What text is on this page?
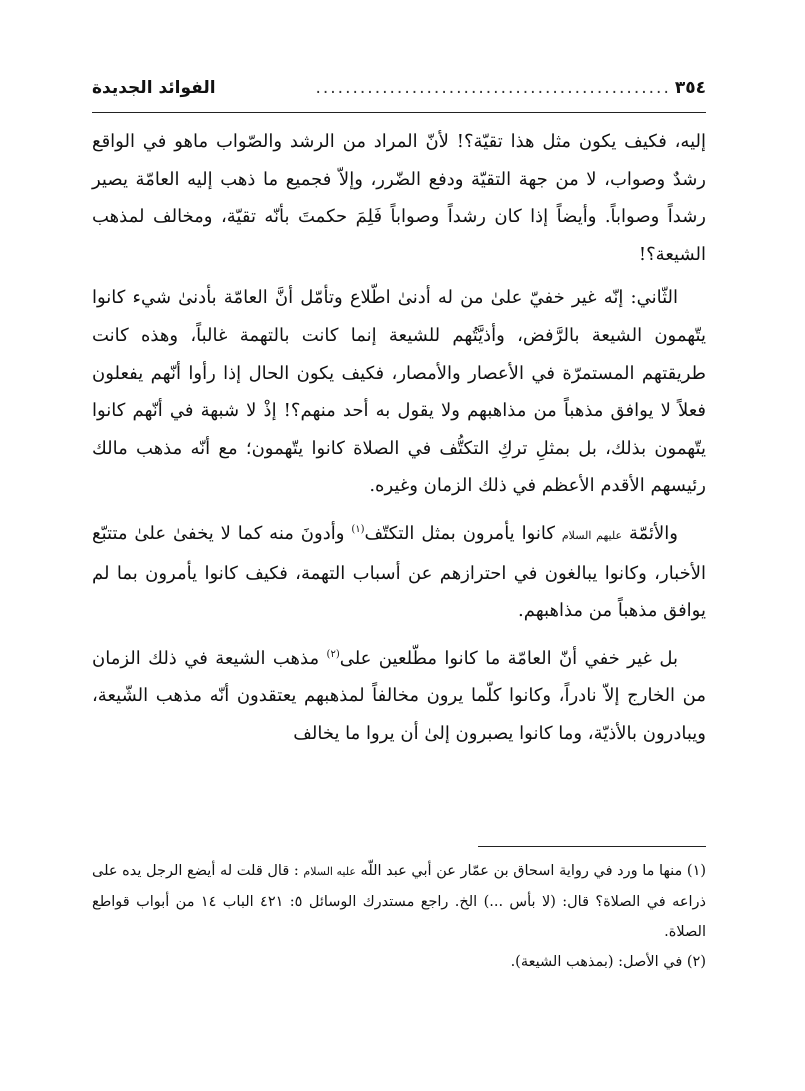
٣٥٤
................................................
الفوائد الجديدة

إليه، فكيف يكون مثل هذا تقيّة؟! لأنّ المراد من الرشد والصّواب ماهو في الواقع رشدٌ وصواب، لا من جهة التقيّة ودفع الضّرر، وإلاّ فجميع ما ذهب إليه العامّة يصير رشداً وصواباً. وأيضاً إذا كان رشداً وصواباً فَلِمَ حكمتَ بأنّه تقيّة، ومخالف لمذهب الشيعة؟!

الثّاني: إنّه غير خفيّ علىٰ من له أدنىٰ اطّلاع وتأمّل أنَّ العامّة بأدنىٰ شيء كانوا يتّهمون الشيعة بالرَّفض، وأذيَّتُهم للشيعة إنما كانت بالتهمة غالباً، وهذه كانت طريقتهم المستمرّة في الأعصار والأمصار، فكيف يكون الحال إذا رأوا أنّهم يفعلون فعلاً لا يوافق مذهباً من مذاهبهم ولا يقول به أحد منهم؟! إذْ لا شبهة في أنّهم كانوا يتّهمون بذلك، بل بمثلِ تركِ التكتُّف في الصلاة كانوا يتّهمون؛ مع أنّه مذهب مالك رئيسهم الأقدم الأعظم في ذلك الزمان وغيره.

والأئمّة عليهم السلام كانوا يأمرون بمثل التكتّف$^{(١)}$ وأدونَ منه كما لا يخفىٰ علىٰ متتبّع الأخبار، وكانوا يبالغون في احترازهم عن أسباب التهمة، فكيف كانوا يأمرون بما لم يوافق مذهباً من مذاهبهم.

بل غير خفي أنّ العامّة ما كانوا مطّلعين على$^{(٢)}$ مذهب الشيعة في ذلك الزمان من الخارج إلاّ نادراً، وكانوا كلّما يرون مخالفاً لمذهبهم يعتقدون أنّه مذهب الشّيعة، ويبادرون بالأذيّة، وما كانوا يصبرون إلىٰ أن يروا ما يخالف

(١) منها ما ورد في رواية اسحاق بن عمّار عن أبي عبد اللّه عليه السلام : قال قلت له أيضع الرجل يده على ذراعه في الصلاة؟ قال: (لا بأس ...) الخ. راجع مستدرك الوسائل ٥: ٤٢١ الباب ١٤ من أبواب قواطع الصلاة.

(٢) في الأصل: (بمذهب الشيعة).
